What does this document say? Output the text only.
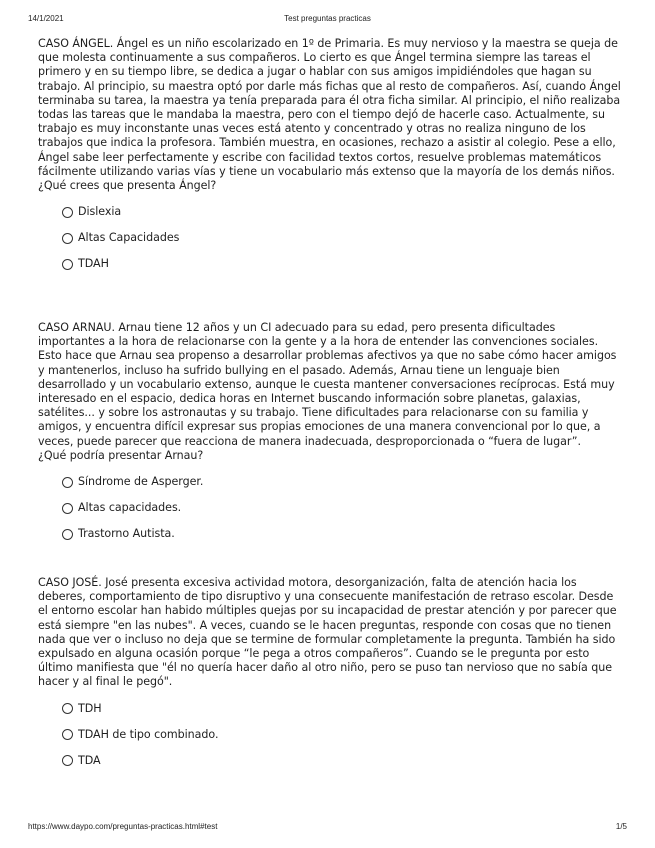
14/1/2021	Test preguntas practicas

CASO ÁNGEL. Ángel es un niño escolarizado en 1º de Primaria. Es muy nervioso y la maestra se queja de que molesta continuamente a sus compañeros. Lo cierto es que Ángel termina siempre las tareas el primero y en su tiempo libre, se dedica a jugar o hablar con sus amigos impidiéndoles que hagan su trabajo. Al principio, su maestra optó por darle más fichas que al resto de compañeros. Así, cuando Ángel terminaba su tarea, la maestra ya tenía preparada para él otra ficha similar. Al principio, el niño realizaba todas las tareas que le mandaba la maestra, pero con el tiempo dejó de hacerle caso. Actualmente, su trabajo es muy inconstante unas veces está atento y concentrado y otras no realiza ninguno de los trabajos que indica la profesora. También muestra, en ocasiones, rechazo a asistir al colegio. Pese a ello, Ángel sabe leer perfectamente y escribe con facilidad textos cortos, resuelve problemas matemáticos fácilmente utilizando varias vías y tiene un vocabulario más extenso que la mayoría de los demás niños.

¿Qué crees que presenta Ángel?

Dislexia
Altas Capacidades
TDAH

CASO ARNAU. Arnau tiene 12 años y un CI adecuado para su edad, pero presenta dificultades importantes a la hora de relacionarse con la gente y a la hora de entender las convenciones sociales. Esto hace que Arnau sea propenso a desarrollar problemas afectivos ya que no sabe cómo hacer amigos y mantenerlos, incluso ha sufrido bullying en el pasado. Además, Arnau tiene un lenguaje bien desarrollado y un vocabulario extenso, aunque le cuesta mantener conversaciones recíprocas. Está muy interesado en el espacio, dedica horas en Internet buscando información sobre planetas, galaxias, satélites... y sobre los astronautas y su trabajo. Tiene dificultades para relacionarse con su familia y amigos, y encuentra difícil expresar sus propias emociones de una manera convencional por lo que, a veces, puede parecer que reacciona de manera inadecuada, desproporcionada o “fuera de lugar”.

¿Qué podría presentar Arnau?

Síndrome de Asperger.
Altas capacidades.
Trastorno Autista.

CASO JOSÉ. José presenta excesiva actividad motora, desorganización, falta de atención hacia los deberes, comportamiento de tipo disruptivo y una consecuente manifestación de retraso escolar. Desde el entorno escolar han habido múltiples quejas por su incapacidad de prestar atención y por parecer que está siempre "en las nubes". A veces, cuando se le hacen preguntas, responde con cosas que no tienen nada que ver o incluso no deja que se termine de formular completamente la pregunta. También ha sido expulsado en alguna ocasión porque “le pega a otros compañeros”. Cuando se le pregunta por esto último manifiesta que "él no quería hacer daño al otro niño, pero se puso tan nervioso que no sabía que hacer y al final le pegó".

TDH
TDAH de tipo combinado.
TDA
https://www.daypo.com/preguntas-practicas.html#test	1/5
